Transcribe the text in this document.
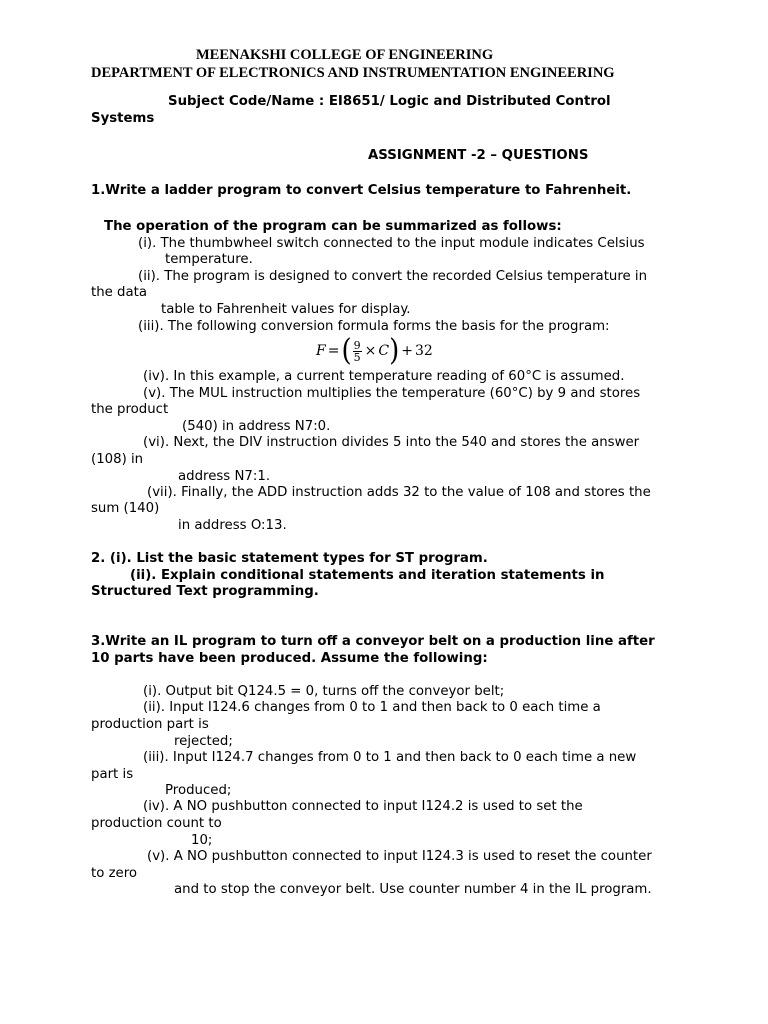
MEENAKSHI COLLEGE OF ENGINEERING
DEPARTMENT OF ELECTRONICS AND INSTRUMENTATION ENGINEERING
Subject Code/Name : EI8651/ Logic and Distributed Control
Systems
ASSIGNMENT -2 – QUESTIONS
1.Write a ladder program to convert Celsius temperature to Fahrenheit.
The operation of the program can be summarized as follows:
(i). The thumbwheel switch connected to the input module indicates Celsius
temperature.
(ii). The program is designed to convert the recorded Celsius temperature in
the data
table to Fahrenheit values for display.
(iii). The following conversion formula forms the basis for the program:
F = ( $\frac{9}{5} \times C$ ) + 32
(iv). In this example, a current temperature reading of 60°C is assumed.
(v). The MUL instruction multiplies the temperature (60°C) by 9 and stores
the product
(540) in address N7:0.
(vi). Next, the DIV instruction divides 5 into the 540 and stores the answer
(108) in
address N7:1.
(vii). Finally, the ADD instruction adds 32 to the value of 108 and stores the
sum (140)
in address O:13.
2. (i). List the basic statement types for ST program.
(ii). Explain conditional statements and iteration statements in
Structured Text programming.
3.Write an IL program to turn off a conveyor belt on a production line after
10 parts have been produced. Assume the following:
(i). Output bit Q124.5 = 0, turns off the conveyor belt;
(ii). Input I124.6 changes from 0 to 1 and then back to 0 each time a
production part is
rejected;
(iii). Input I124.7 changes from 0 to 1 and then back to 0 each time a new
part is
Produced;
(iv). A NO pushbutton connected to input I124.2 is used to set the
production count to
10;
(v). A NO pushbutton connected to input I124.3 is used to reset the counter
to zero
and to stop the conveyor belt. Use counter number 4 in the IL program.
